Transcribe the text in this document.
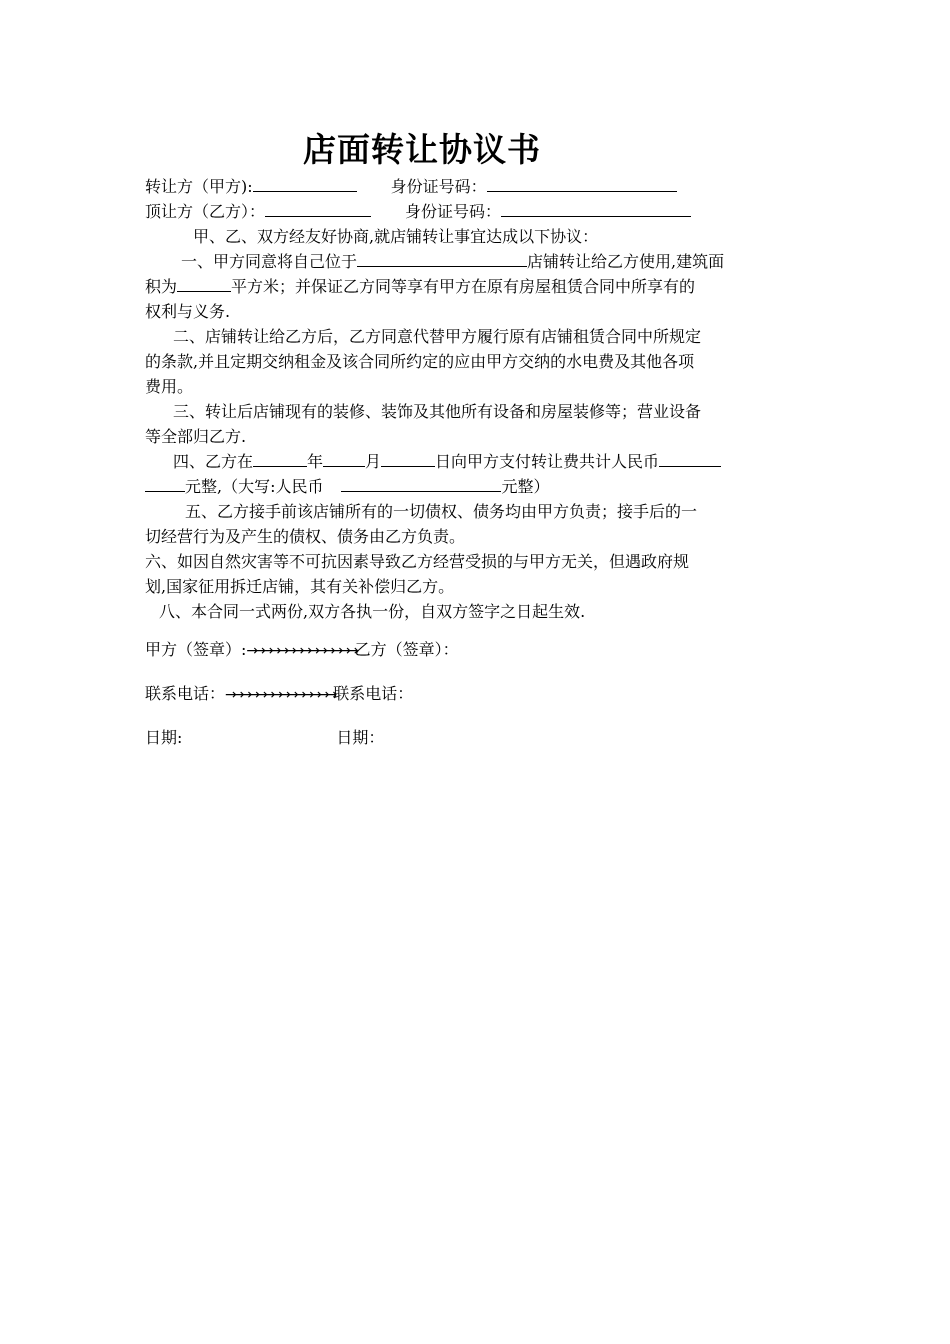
店面转让协议书
转让方（甲方):	身份证号码：
顶让方（乙方）：	身份证号码：
甲、乙、双方经友好协商,就店铺转让事宜达成以下协议：
一、甲方同意将自己位于	店铺转让给乙方使用,建筑面
积为	平方米；并保证乙方同等享有甲方在原有房屋租赁合同中所享有的
权利与义务.
二、店铺转让给乙方后，乙方同意代替甲方履行原有店铺租赁合同中所规定
的条款,并且定期交纳租金及该合同所约定的应由甲方交纳的水电费及其他各项
费用。
三、转让后店铺现有的装修、装饰及其他所有设备和房屋装修等；营业设备
等全部归乙方.
四、乙方在	年	月	日向甲方支付转让费共计人民币
元整,（大写:人民币	元整）
五、乙方接手前该店铺所有的一切债权、债务均由甲方负责；接手后的一
切经营行为及产生的债权、债务由乙方负责。
六、如因自然灾害等不可抗因素导致乙方经营受损的与甲方无关，但遇政府规
划,国家征用拆迁店铺，其有关补偿归乙方。
八、本合同一式两份,双方各执一份，自双方签字之日起生效.
甲方（签章）:→→→→→→→→→→→→→→乙方（签章）：
联系电话：→→→→→→→→→→→→→→联系电话：
日期:	日期：
